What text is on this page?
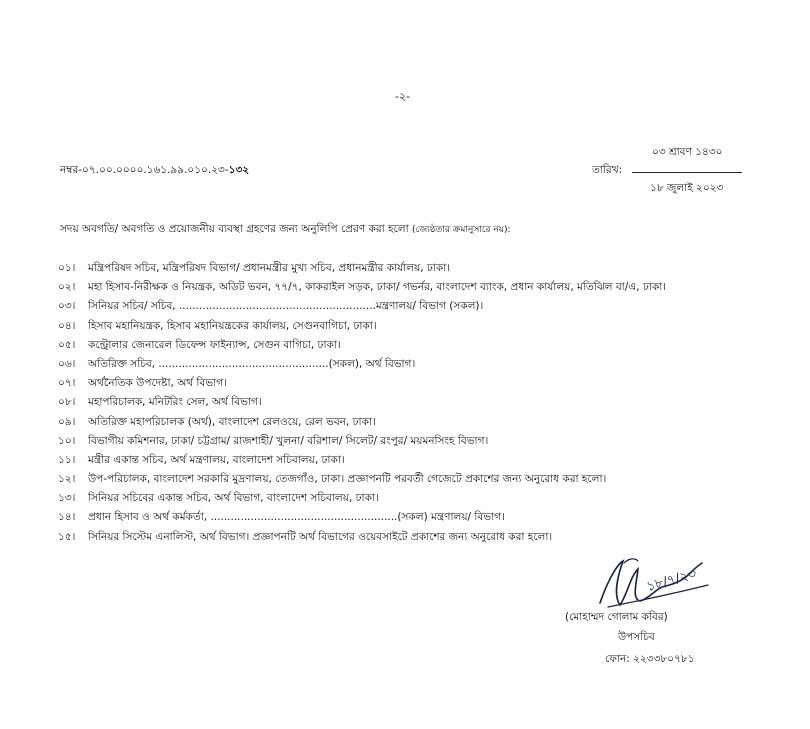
-২-
নম্বর-০৭.০০.০০০০.১৬১.৯৯.০১০.২৩-১৩২
০৩ শ্রাবণ ১৪৩০
তারিখ:
১৮ জুলাই ২০২৩
সদয় অবগতি/ অবগতি ও প্রয়োজনীয় ব্যবস্থা গ্রহণের জন্য অনুলিপি প্রেরণ করা হলো (জ্যেষ্ঠতার ক্রমানুসারে নয়):
০১।	মন্ত্রিপরিষদ সচিব, মন্ত্রিপরিষদ বিভাগ/ প্রধানমন্ত্রীর মুখ্য সচিব, প্রধানমন্ত্রীর কার্যালয়, ঢাকা।
০২।	মহা হিসাব-নিরীক্ষক ও নিয়ন্ত্রক, অডিট ভবন, ৭৭/৭, কাকরাইল সড়ক, ঢাকা/ গভর্নর, বাংলাদেশ ব্যাংক, প্রধান কার্যালয়, মতিঝিল বা/এ, ঢাকা।
০৩।	সিনিয়র সচিব/ সচিব, ...........................................................মন্ত্রণালয়/ বিভাগ (সকল)।
০৪।	হিসাব মহানিয়ন্ত্রক, হিসাব মহানিয়ন্ত্রকের কার্যালয়, সেগুনবাগিচা, ঢাকা।
০৫।	কন্ট্রোলার জেনারেল ডিফেন্স ফাইন্যান্স, সেগুন বাগিচা, ঢাকা।
০৬।	অতিরিক্ত সচিব, ...................................................(সকল), অর্থ বিভাগ।
০৭।	অর্থনৈতিক উপদেষ্টা, অর্থ বিভাগ।
০৮।	মহাপরিচালক, মনিটরিং সেল, অর্থ বিভাগ।
০৯।	অতিরিক্ত মহাপরিচালক (অর্থ), বাংলাদেশ রেলওয়ে, রেল ভবন, ঢাকা।
১০।	বিভাগীয় কমিশনার, ঢাকা/ চট্টগ্রাম/ রাজশাহী/ খুলনা/ বরিশাল/ সিলেট/ রংপুর/ ময়মনসিংহ বিভাগ।
১১।	মন্ত্রীর একান্ত সচিব, অর্থ মন্ত্রণালয়, বাংলাদেশ সচিবালয়, ঢাকা।
১২।	উপ-পরিচালক, বাংলাদেশ সরকারি মুদ্রণালয়, তেজগাঁও, ঢাকা। প্রজ্ঞাপনটি পরবর্তী গেজেটে প্রকাশের জন্য অনুরোধ করা হলো।
১৩।	সিনিয়র সচিবের একান্ত সচিব, অর্থ বিভাগ, বাংলাদেশ সচিবালয়, ঢাকা।
১৪।	প্রধান হিসাব ও অর্থ কর্মকর্তা, ........................................................(সকল) মন্ত্রণালয়/ বিভাগ।
১৫।	সিনিয়র সিস্টেম এনালিস্ট, অর্থ বিভাগ। প্রজ্ঞাপনটি অর্থ বিভাগের ওয়েবসাইটে প্রকাশের জন্য অনুরোধ করা হলো।
১৮/৭/২৩
(মোহাম্মদ গোলাম কবির)
উপসচিব
ফোন: ২২৩৩৮০৭৮১
